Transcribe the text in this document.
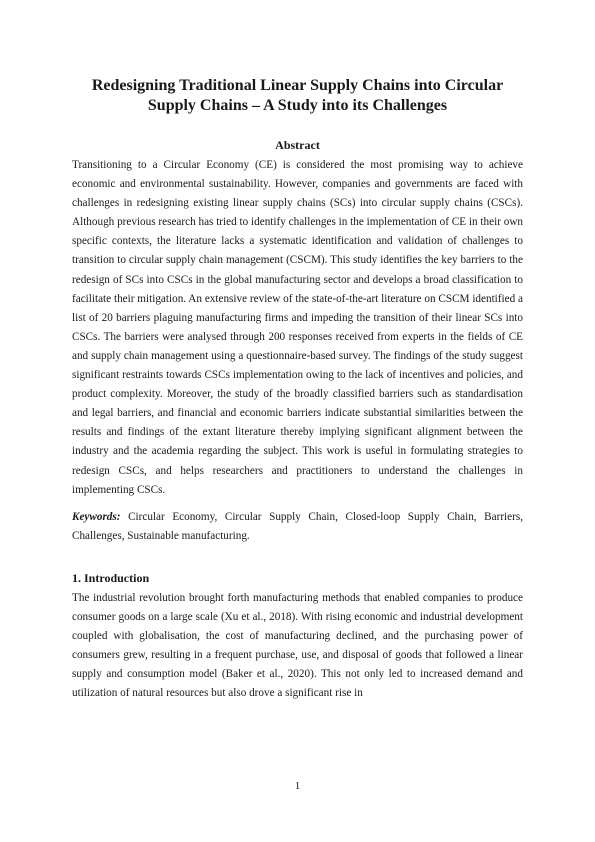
Redesigning Traditional Linear Supply Chains into Circular Supply Chains – A Study into its Challenges
Abstract

Transitioning to a Circular Economy (CE) is considered the most promising way to achieve economic and environmental sustainability. However, companies and governments are faced with challenges in redesigning existing linear supply chains (SCs) into circular supply chains (CSCs). Although previous research has tried to identify challenges in the implementation of CE in their own specific contexts, the literature lacks a systematic identification and validation of challenges to transition to circular supply chain management (CSCM). This study identifies the key barriers to the redesign of SCs into CSCs in the global manufacturing sector and develops a broad classification to facilitate their mitigation. An extensive review of the state-of-the-art literature on CSCM identified a list of 20 barriers plaguing manufacturing firms and impeding the transition of their linear SCs into CSCs. The barriers were analysed through 200 responses received from experts in the fields of CE and supply chain management using a questionnaire-based survey. The findings of the study suggest significant restraints towards CSCs implementation owing to the lack of incentives and policies, and product complexity. Moreover, the study of the broadly classified barriers such as standardisation and legal barriers, and financial and economic barriers indicate substantial similarities between the results and findings of the extant literature thereby implying significant alignment between the industry and the academia regarding the subject. This work is useful in formulating strategies to redesign CSCs, and helps researchers and practitioners to understand the challenges in implementing CSCs.

Keywords: Circular Economy, Circular Supply Chain, Closed-loop Supply Chain, Barriers, Challenges, Sustainable manufacturing.

1. Introduction

The industrial revolution brought forth manufacturing methods that enabled companies to produce consumer goods on a large scale (Xu et al., 2018). With rising economic and industrial development coupled with globalisation, the cost of manufacturing declined, and the purchasing power of consumers grew, resulting in a frequent purchase, use, and disposal of goods that followed a linear supply and consumption model (Baker et al., 2020). This not only led to increased demand and utilization of natural resources but also drove a significant rise in

1
